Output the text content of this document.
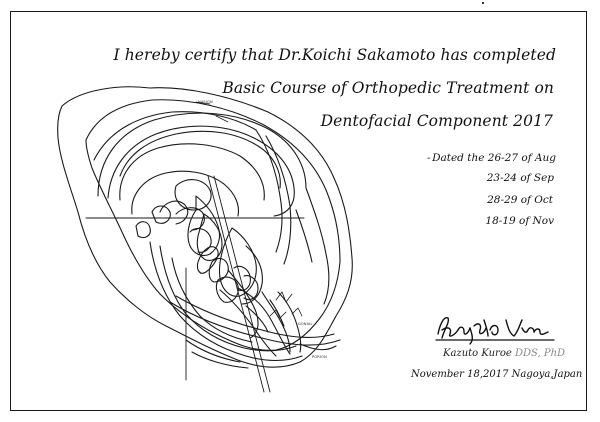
NASION
GONIAL
PORION
I hereby certify that Dr.Koichi Sakamoto has completed
Basic Course of Orthopedic Treatment on
Dentofacial Component 2017
- Dated the 26-27 of Aug
23-24 of Sep
28-29 of Oct
18-19 of Nov
Kazuto Kuroe DDS, PhD
November 18,2017 Nagoya,Japan
